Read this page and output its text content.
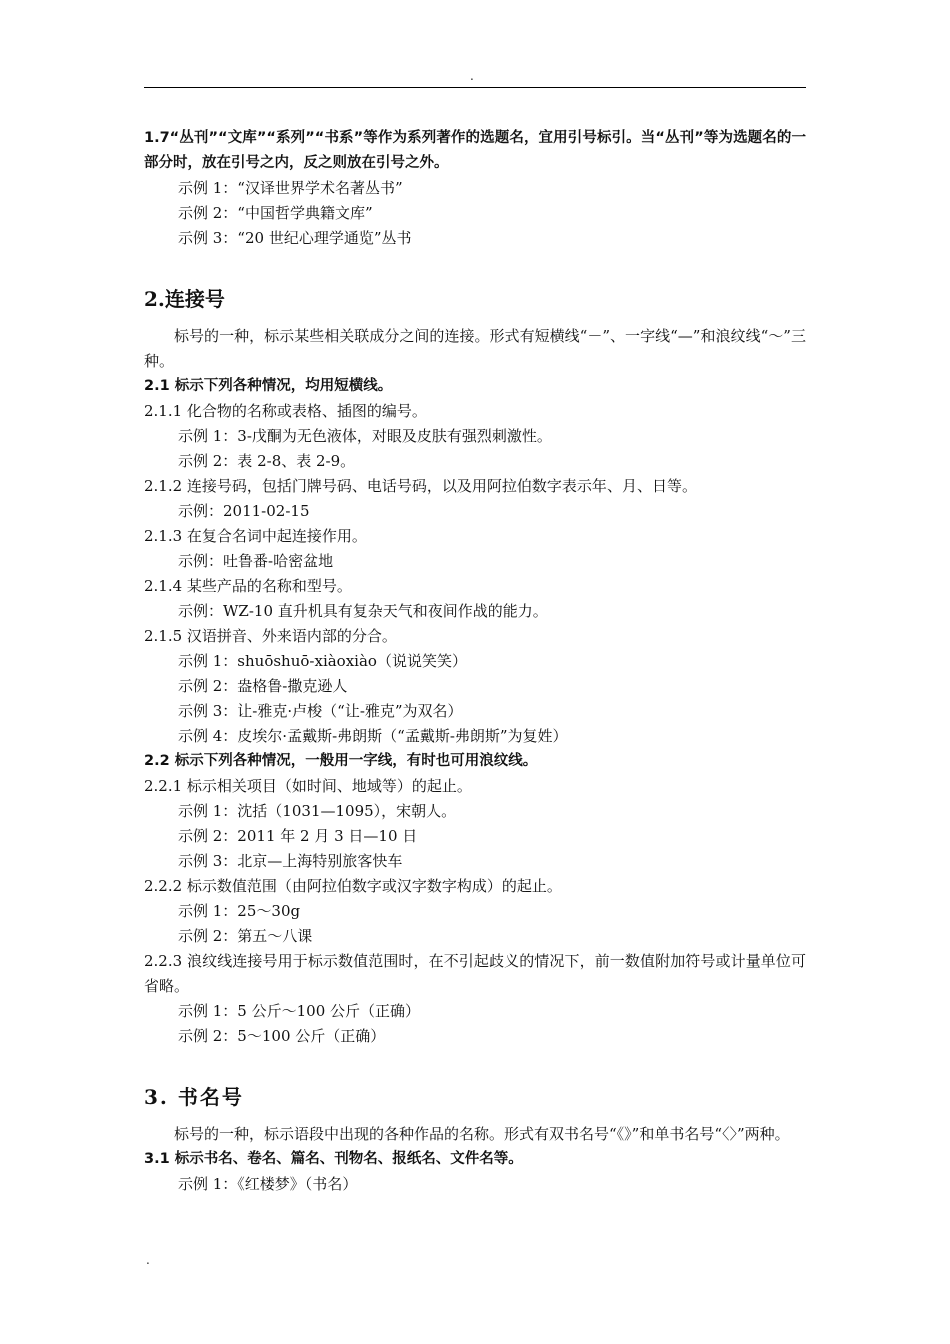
.
1.7“丛刊”“文库”“系列”“书系”等作为系列著作的选题名，宜用引号标引。当“丛刊”等为选题名的一部分时，放在引号之内，反之则放在引号之外。
示例 1：“汉译世界学术名著丛书”
示例 2：“中国哲学典籍文库”
示例 3：“20 世纪心理学通览”丛书
2.连接号
标号的一种，标示某些相关联成分之间的连接。形式有短横线“－”、一字线“—”和浪纹线“～”三种。
2.1 标示下列各种情况，均用短横线。
2.1.1 化合物的名称或表格、插图的编号。
示例 1：3-戊酮为无色液体，对眼及皮肤有强烈刺激性。
示例 2：表 2-8、表 2-9。
2.1.2 连接号码，包括门牌号码、电话号码，以及用阿拉伯数字表示年、月、日等。
示例：2011-02-15
2.1.3 在复合名词中起连接作用。
示例：吐鲁番-哈密盆地
2.1.4 某些产品的名称和型号。
示例：WZ-10 直升机具有复杂天气和夜间作战的能力。
2.1.5 汉语拼音、外来语内部的分合。
示例 1：shuōshuō-xiàoxiào（说说笑笑）
示例 2：盎格鲁-撒克逊人
示例 3：让-雅克·卢梭（“让-雅克”为双名）
示例 4：皮埃尔·孟戴斯-弗朗斯（“孟戴斯-弗朗斯”为复姓）
2.2 标示下列各种情况，一般用一字线，有时也可用浪纹线。
2.2.1 标示相关项目（如时间、地域等）的起止。
示例 1：沈括（1031—1095），宋朝人。
示例 2：2011 年 2 月 3 日—10 日
示例 3：北京—上海特别旅客快车
2.2.2 标示数值范围（由阿拉伯数字或汉字数字构成）的起止。
示例 1：25～30g
示例 2：第五～八课
2.2.3 浪纹线连接号用于标示数值范围时，在不引起歧义的情况下，前一数值附加符号或计量单位可省略。
示例 1：5 公斤～100 公斤（正确）
示例 2：5～100 公斤（正确）
3. 书名号
标号的一种，标示语段中出现的各种作品的名称。形式有双书名号“《》”和单书名号“〈〉”两种。
3.1 标示书名、卷名、篇名、刊物名、报纸名、文件名等。
示例 1：《红楼梦》（书名）
.
